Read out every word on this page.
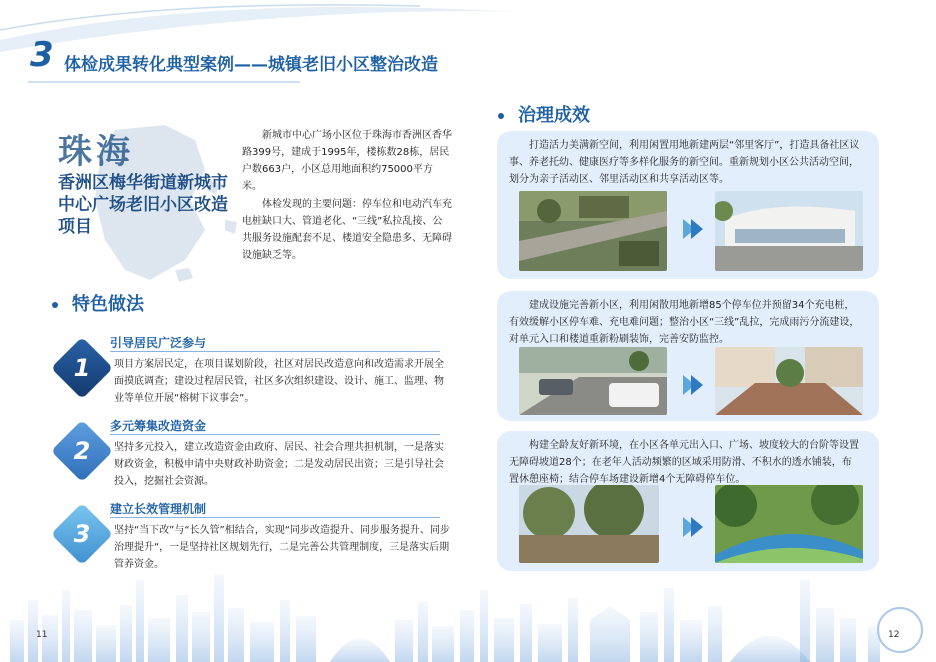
3 体检成果转化典型案例——城镇老旧小区整治改造
珠海
香洲区梅华街道新城市中心广场老旧小区改造项目

新城市中心广场小区位于珠海市香洲区香华路399号，建成于1995年，楼栋数28栋，居民户数663户，小区总用地面积约75000平方米。

体检发现的主要问题：停车位和电动汽车充电桩缺口大、管道老化、“三线”私拉乱接、公共服务设施配套不足、楼道安全隐患多、无障碍设施缺乏等。

特色做法
1
引导居民广泛参与
项目方案居民定，在项目谋划阶段，社区对居民改造意向和改造需求开展全面摸底调查；建设过程居民管，社区多次组织建设、设计、施工、监理、物业等单位开展“榕树下议事会”。
2
多元筹集改造资金
坚持多元投入，建立改造资金由政府、居民、社会合理共担机制，一是落实财政资金，积极申请中央财政补助资金；二是发动居民出资；三是引导社会投入，挖掘社会资源。
3
建立长效管理机制
坚持“当下改”与“长久管”相结合，实现“同步改造提升、同步服务提升、同步治理提升“，一是坚持社区规划先行，二是完善公共管理制度，三是落实后期管养资金。
11
治理成效
打造活力美满新空间，利用闲置用地新建两层“邻里客厅”，打造具备社区议事、养老托幼、健康医疗等多样化服务的新空间。重新规划小区公共活动空间，划分为亲子活动区、邻里活动区和共享活动区等。
建成设施完善新小区，利用闲散用地新增85个停车位并预留34个充电桩，有效缓解小区停车难、充电难问题；整治小区“三线”乱拉，完成雨污分流建设，对单元入口和楼道重新粉刷装饰，完善安防监控。
构建全龄友好新环境，在小区各单元出入口、广场、坡度较大的台阶等设置无障碍坡道28个；在老年人活动频繁的区域采用防滑、不积水的透水铺装，布置休憩座椅；结合停车场建设新增4个无障碍停车位。
12
